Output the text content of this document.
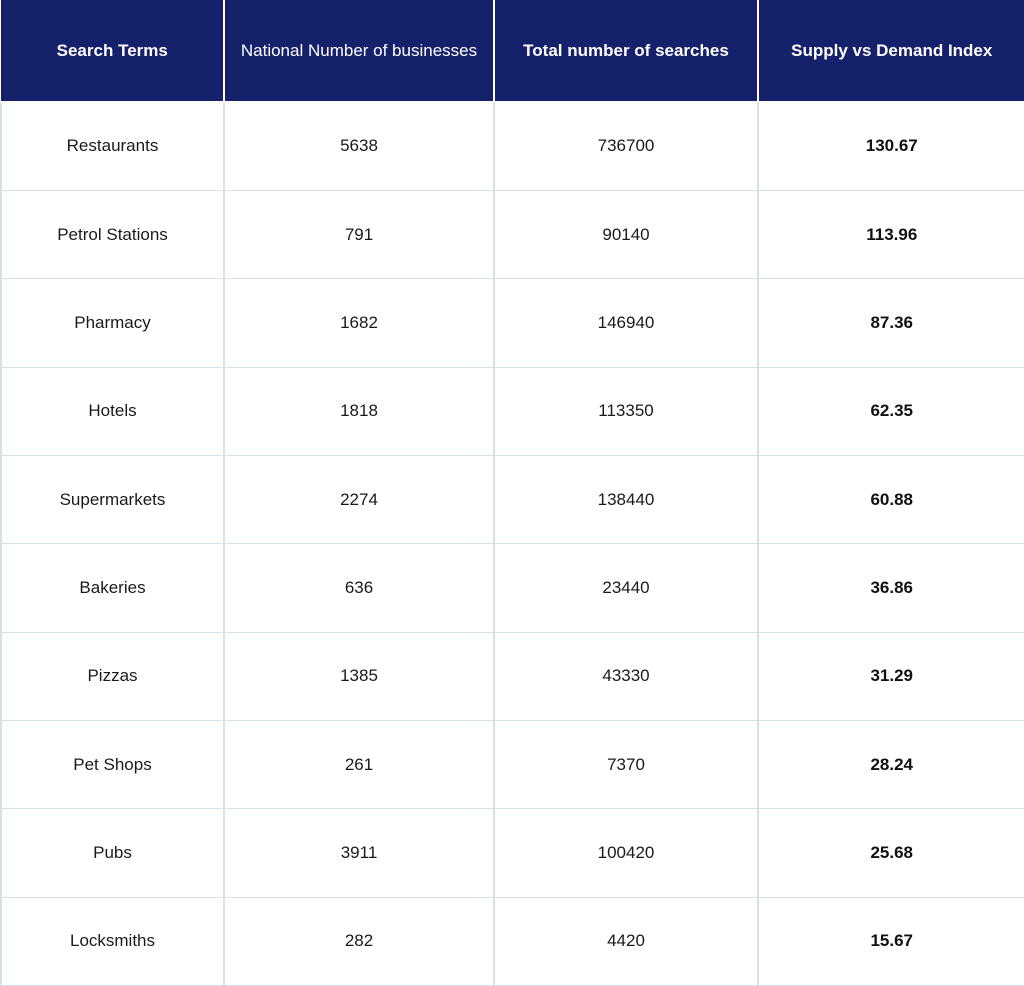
Search Terms	National Number of businesses	Total number of searches	Supply vs Demand Index
Restaurants	5638	736700	130.67
Petrol Stations	791	90140	113.96
Pharmacy	1682	146940	87.36
Hotels	1818	113350	62.35
Supermarkets	2274	138440	60.88
Bakeries	636	23440	36.86
Pizzas	1385	43330	31.29
Pet Shops	261	7370	28.24
Pubs	3911	100420	25.68
Locksmiths	282	4420	15.67
